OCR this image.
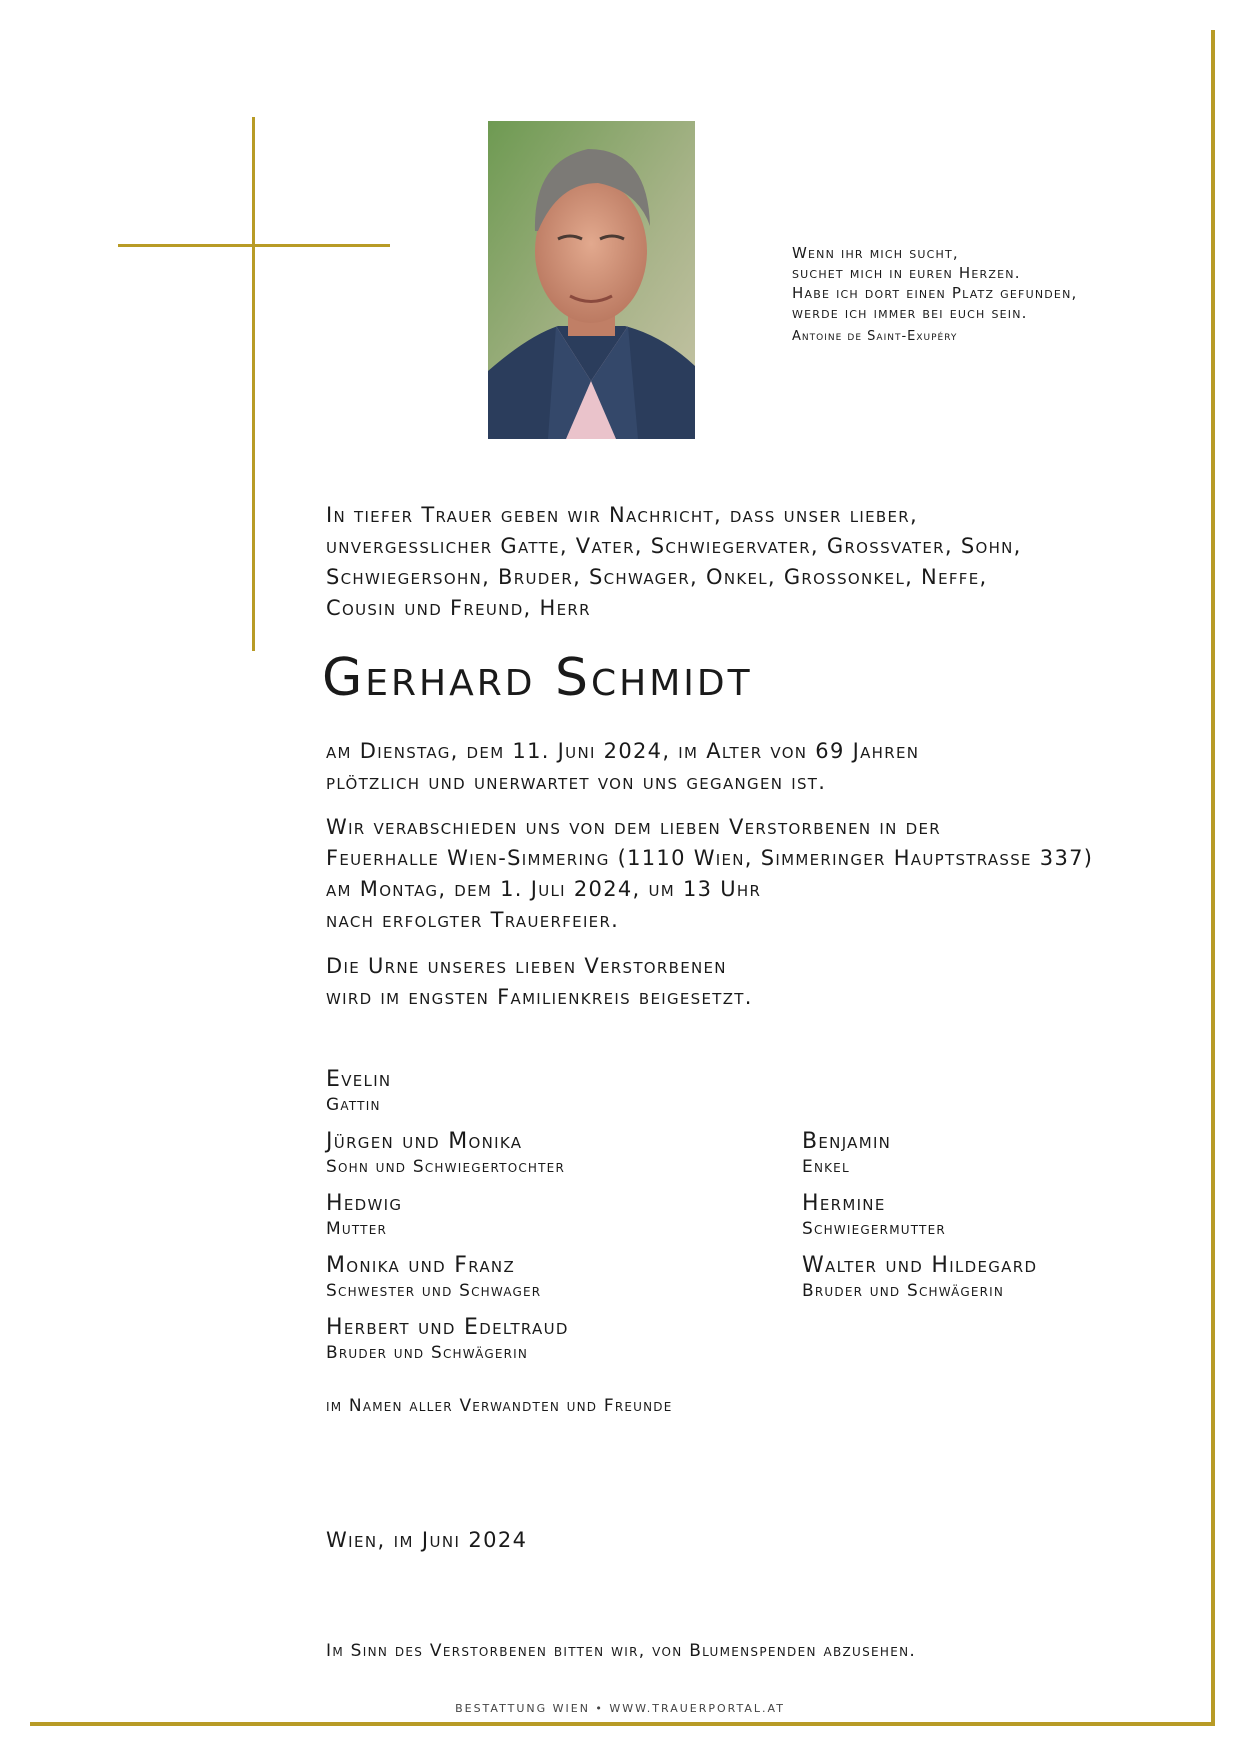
Wenn ihr mich sucht,
suchet mich in euren Herzen.
Habe ich dort einen Platz gefunden,
werde ich immer bei euch sein.
Antoine de Saint-Exupéry
In tiefer Trauer geben wir Nachricht, dass unser lieber,
unvergesslicher Gatte, Vater, Schwiegervater, Grossvater, Sohn,
Schwiegersohn, Bruder, Schwager, Onkel, Grossonkel, Neffe,
Cousin und Freund, Herr
Gerhard Schmidt
am Dienstag, dem 11. Juni 2024, im Alter von 69 Jahren
plötzlich und unerwartet von uns gegangen ist.
Wir verabschieden uns von dem lieben Verstorbenen in der
Feuerhalle Wien-Simmering (1110 Wien, Simmeringer Hauptstrasse 337)
am Montag, dem 1. Juli 2024, um 13 Uhr
nach erfolgter Trauerfeier.
Die Urne unseres lieben Verstorbenen
wird im engsten Familienkreis beigesetzt.
Evelin
Gattin
Jürgen und Monika
Sohn und Schwiegertochter
Benjamin
Enkel
Hedwig
Mutter
Hermine
Schwiegermutter
Monika und Franz
Schwester und Schwager
Walter und Hildegard
Bruder und Schwägerin
Herbert und Edeltraud
Bruder und Schwägerin
im Namen aller Verwandten und Freunde
Wien, im Juni 2024
Im Sinn des Verstorbenen bitten wir, von Blumenspenden abzusehen.
BESTATTUNG WIEN • WWW.TRAUERPORTAL.AT
